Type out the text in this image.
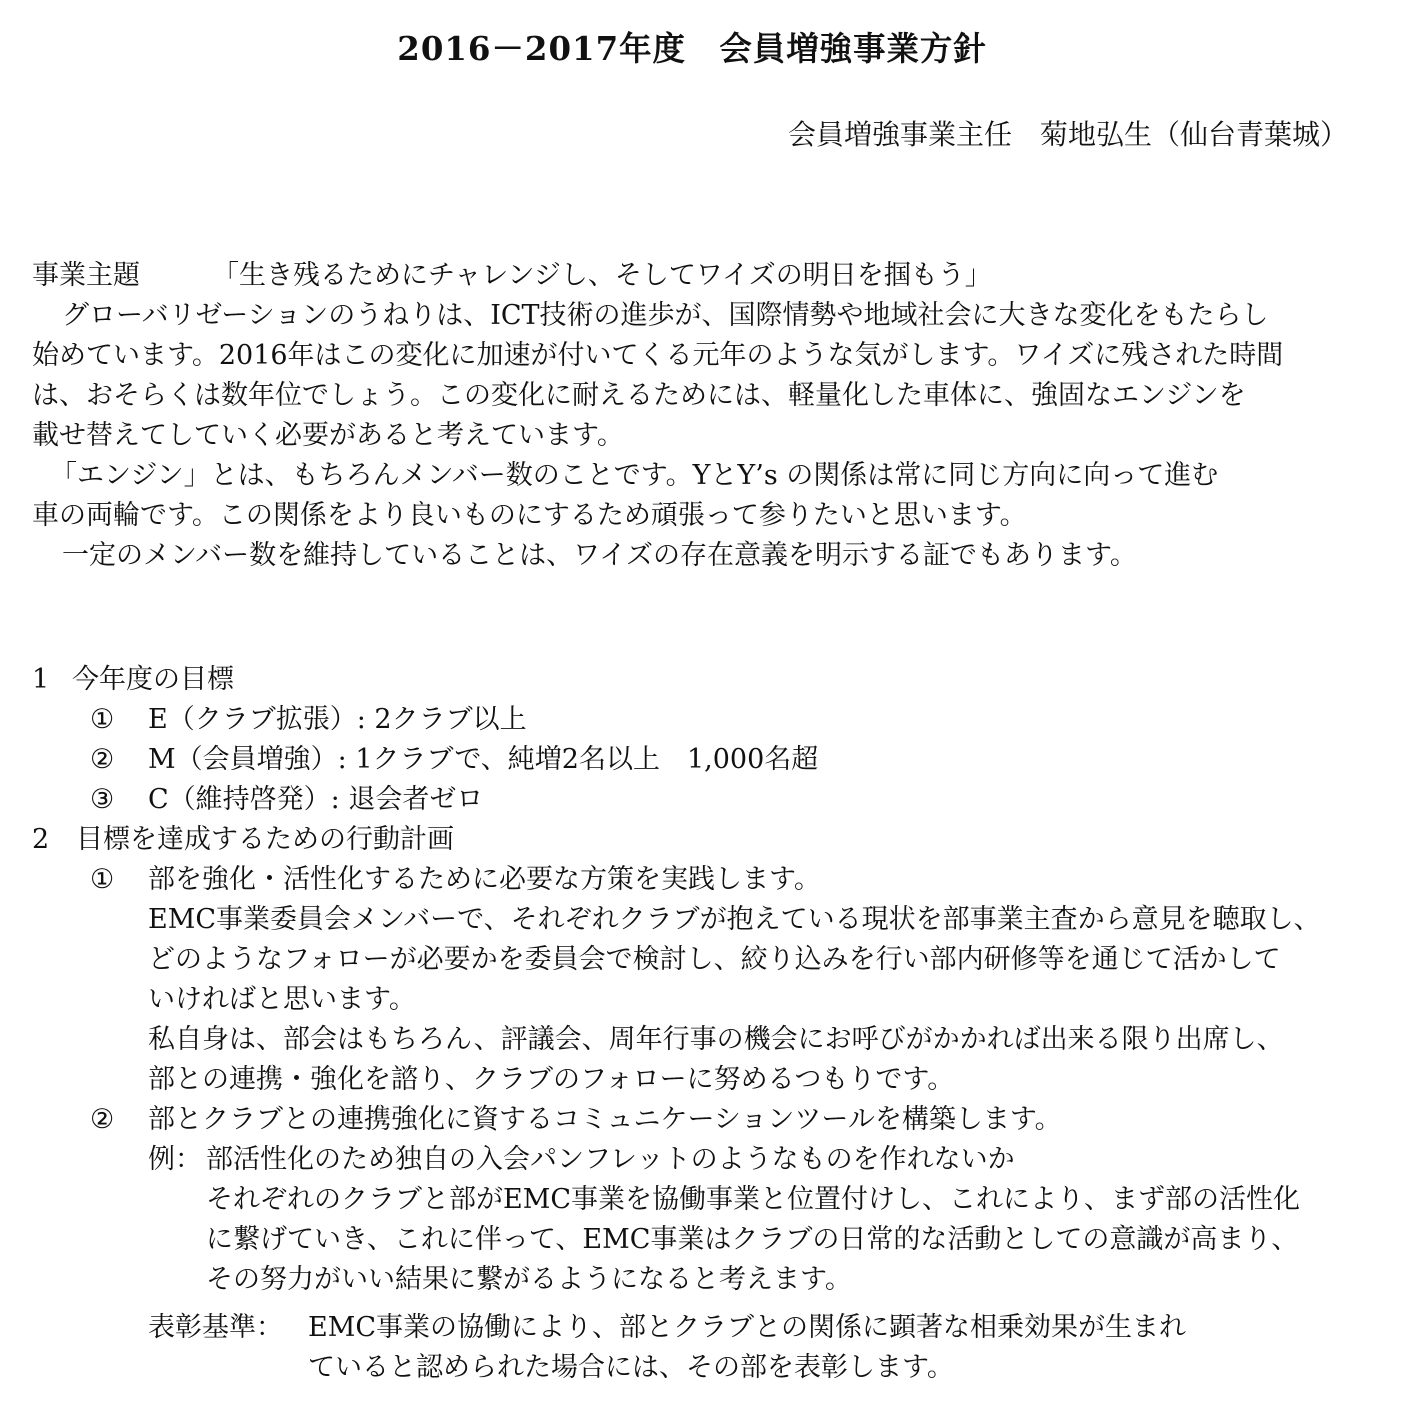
2016－2017年度　会員増強事業方針
会員増強事業主任　菊地弘生（仙台青葉城）
事業主題	「生き残るためにチャレンジし、そしてワイズの明日を掴もう」
グローバリゼーションのうねりは、ICT技術の進歩が、国際情勢や地域社会に大きな変化をもたらし
始めています。2016年はこの変化に加速が付いてくる元年のような気がします。ワイズに残された時間
は、おそらくは数年位でしょう。この変化に耐えるためには、軽量化した車体に、強固なエンジンを
載せ替えてしていく必要があると考えています。
「エンジン」とは、もちろんメンバー数のことです。YとY’s の関係は常に同じ方向に向って進む
車の両輪です。この関係をより良いものにするため頑張って参りたいと思います。
一定のメンバー数を維持していることは、ワイズの存在意義を明示する証でもあります。
1 今年度の目標
① E（クラブ拡張）: 2クラブ以上
② M（会員増強）: 1クラブで、純増2名以上　1,000名超
③ C（維持啓発）: 退会者ゼロ
2 目標を達成するための行動計画
① 部を強化・活性化するために必要な方策を実践します。
EMC事業委員会メンバーで、それぞれクラブが抱えている現状を部事業主査から意見を聴取し、
どのようなフォローが必要かを委員会で検討し、絞り込みを行い部内研修等を通じて活かして
いければと思います。
私自身は、部会はもちろん、評議会、周年行事の機会にお呼びがかかれば出来る限り出席し、
部との連携・強化を諮り、クラブのフォローに努めるつもりです。
② 部とクラブとの連携強化に資するコミュニケーションツールを構築します。
例： 部活性化のため独自の入会パンフレットのようなものを作れないか
それぞれのクラブと部がEMC事業を協働事業と位置付けし、これにより、まず部の活性化
に繋げていき、これに伴って、EMC事業はクラブの日常的な活動としての意識が高まり、
その努力がいい結果に繋がるようになると考えます。
表彰基準： EMC事業の協働により、部とクラブとの関係に顕著な相乗効果が生まれ
ていると認められた場合には、その部を表彰します。
